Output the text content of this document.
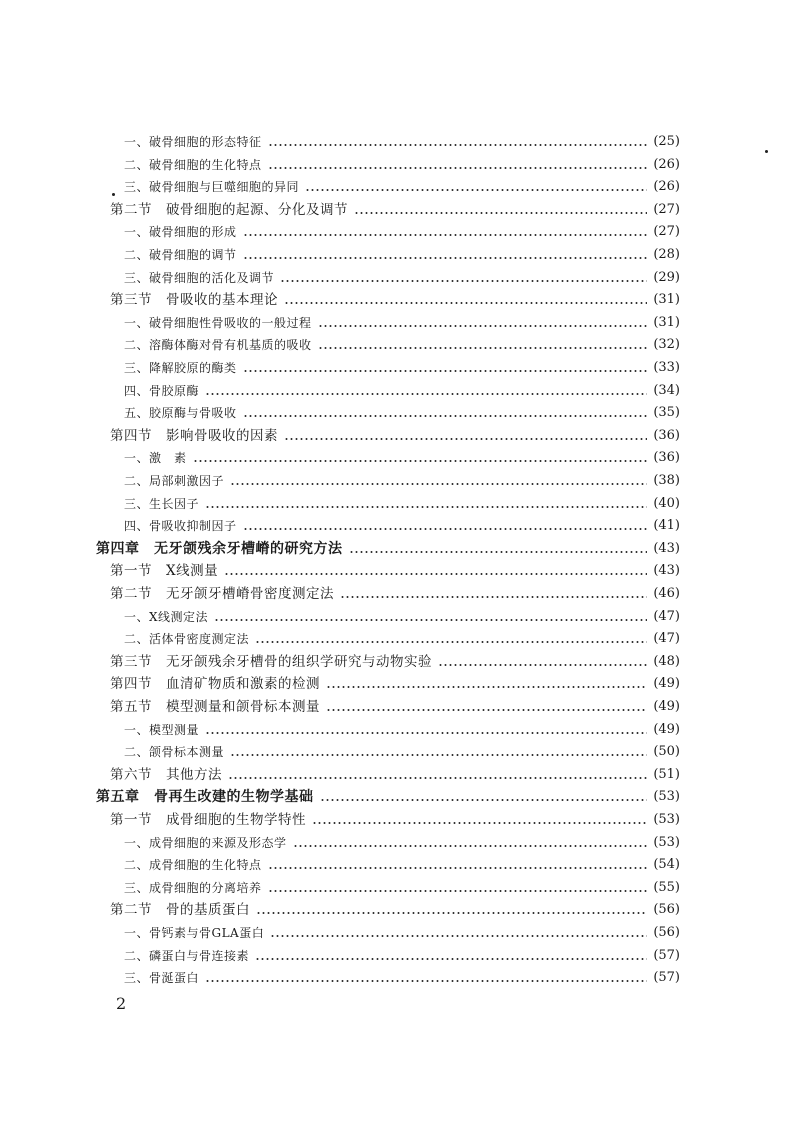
一、破骨细胞的形态特征	(25)
二、破骨细胞的生化特点	(26)
三、破骨细胞与巨噬细胞的异同	(26)
第二节　破骨细胞的起源、分化及调节	(27)
一、破骨细胞的形成	(27)
二、破骨细胞的调节	(28)
三、破骨细胞的活化及调节	(29)
第三节　骨吸收的基本理论	(31)
一、破骨细胞性骨吸收的一般过程	(31)
二、溶酶体酶对骨有机基质的吸收	(32)
三、降解胶原的酶类	(33)
四、骨胶原酶	(34)
五、胶原酶与骨吸收	(35)
第四节　影响骨吸收的因素	(36)
一、激　素	(36)
二、局部刺激因子	(38)
三、生长因子	(40)
四、骨吸收抑制因子	(41)
第四章　无牙颌残余牙槽嵴的研究方法	(43)
第一节　X线测量	(43)
第二节　无牙颌牙槽嵴骨密度测定法	(46)
一、X线测定法	(47)
二、活体骨密度测定法	(47)
第三节　无牙颌残余牙槽骨的组织学研究与动物实验	(48)
第四节　血清矿物质和激素的检测	(49)
第五节　模型测量和颌骨标本测量	(49)
一、模型测量	(49)
二、颌骨标本测量	(50)
第六节　其他方法	(51)
第五章　骨再生改建的生物学基础	(53)
第一节　成骨细胞的生物学特性	(53)
一、成骨细胞的来源及形态学	(53)
二、成骨细胞的生化特点	(54)
三、成骨细胞的分离培养	(55)
第二节　骨的基质蛋白	(56)
一、骨钙素与骨GLA蛋白	(56)
二、磷蛋白与骨连接素	(57)
三、骨涎蛋白	(57)
2
